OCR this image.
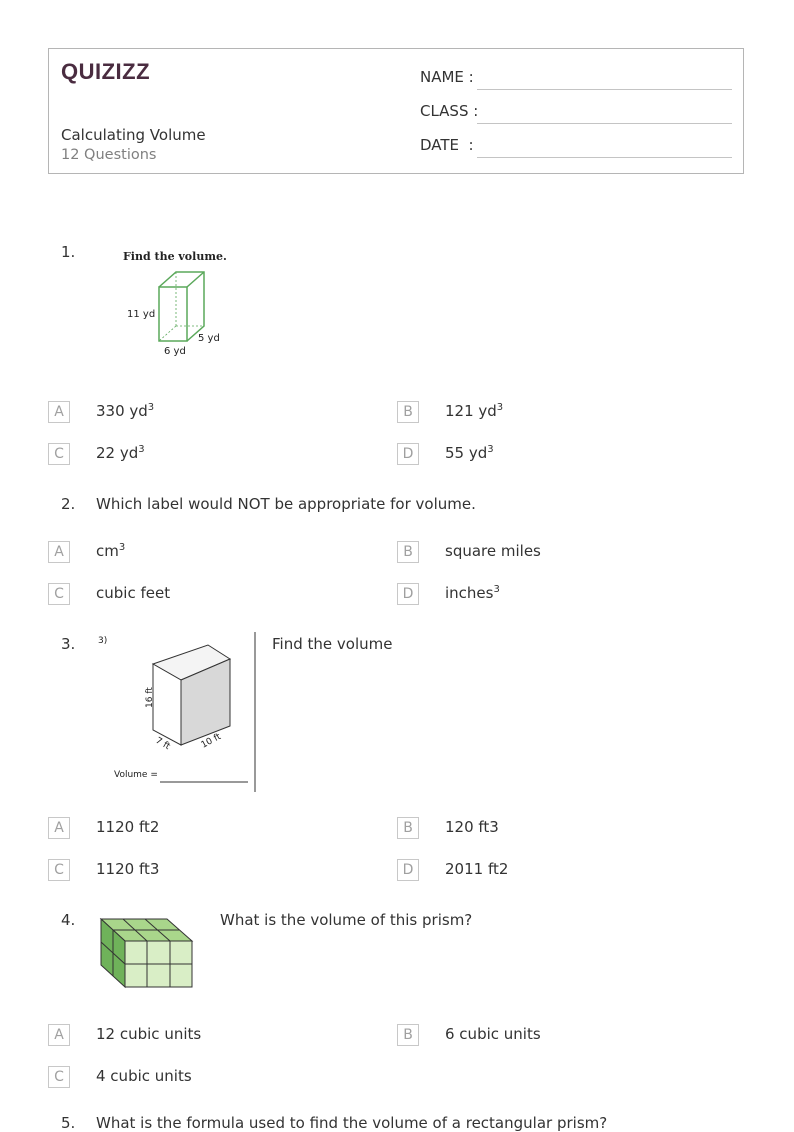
QUIZIZZ
Calculating Volume
12 Questions
NAME :
CLASS :
DATE  :
1.	Find the volume.
11 yd
6 yd
5 yd
A	330 $yd^3$	B	121 $yd^3$
C	22 $yd^3$	D	55 $yd^3$
2. Which label would NOT be appropriate for volume.
A	$cm^3$	B	square miles
C	cubic feet	D	inches$^3$
3.	3)
16 ft
7 ft	10 ft
Volume =
Find the volume
A	1120 ft2	B	120 ft3
C	1120 ft3	D	2011 ft2
4.	What is the volume of this prism?
A	12 cubic units	B	6 cubic units
C	4 cubic units
5. What is the formula used to find the volume of a rectangular prism?
